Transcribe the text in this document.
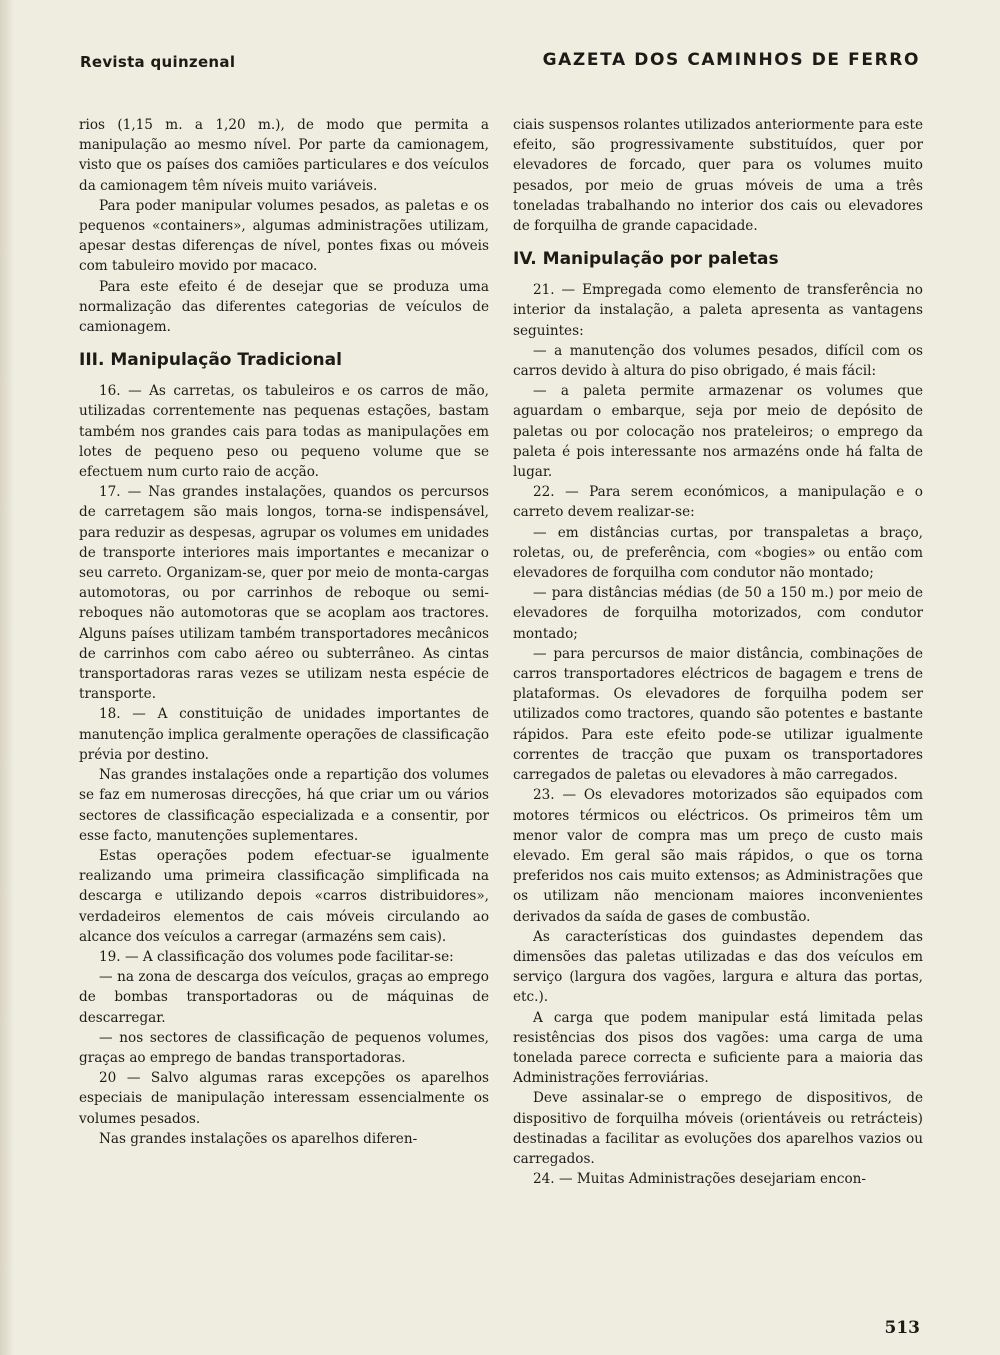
Revista quinzenal	GAZETA DOS CAMINHOS DE FERRO

rios (1,15 m. a 1,20 m.), de modo que permita a manipulação ao mesmo nível. Por parte da camionagem, visto que os países dos camiões particulares e dos veículos da camionagem têm níveis muito variáveis.

Para poder manipular volumes pesados, as paletas e os pequenos «containers», algumas administrações utilizam, apesar destas diferenças de nível, pontes fixas ou móveis com tabuleiro movido por macaco.

Para este efeito é de desejar que se produza uma normalização das diferentes categorias de veículos de camionagem.

III. Manipulação Tradicional

16. — As carretas, os tabuleiros e os carros de mão, utilizadas correntemente nas pequenas estações, bastam também nos grandes cais para todas as manipulações em lotes de pequeno peso ou pequeno volume que se efectuem num curto raio de acção.

17. — Nas grandes instalações, quandos os percursos de carretagem são mais longos, torna-se indispensável, para reduzir as despesas, agrupar os volumes em unidades de transporte interiores mais importantes e mecanizar o seu carreto. Organizam-se, quer por meio de monta-cargas automotoras, ou por carrinhos de reboque ou semi-reboques não automotoras que se acoplam aos tractores. Alguns países utilizam também transportadores mecânicos de carrinhos com cabo aéreo ou subterrâneo. As cintas transportadoras raras vezes se utilizam nesta espécie de transporte.

18. — A constituição de unidades importantes de manutenção implica geralmente operações de classificação prévia por destino.

Nas grandes instalações onde a repartição dos volumes se faz em numerosas direcções, há que criar um ou vários sectores de classificação especializada e a consentir, por esse facto, manutenções suplementares.

Estas operações podem efectuar-se igualmente realizando uma primeira classificação simplificada na descarga e utilizando depois «carros distribuidores», verdadeiros elementos de cais móveis circulando ao alcance dos veículos a carregar (armazéns sem cais).

19. — A classificação dos volumes pode facilitar-se:

— na zona de descarga dos veículos, graças ao emprego de bombas transportadoras ou de máquinas de descarregar.

— nos sectores de classificação de pequenos volumes, graças ao emprego de bandas transportadoras.

20 — Salvo algumas raras excepções os aparelhos especiais de manipulação interessam essencialmente os volumes pesados.

Nas grandes instalações os aparelhos diferen-

ciais suspensos rolantes utilizados anteriormente para este efeito, são progressivamente substituídos, quer por elevadores de forcado, quer para os volumes muito pesados, por meio de gruas móveis de uma a três toneladas trabalhando no interior dos cais ou elevadores de forquilha de grande capacidade.

IV. Manipulação por paletas

21. — Empregada como elemento de transferência no interior da instalação, a paleta apresenta as vantagens seguintes:

— a manutenção dos volumes pesados, difícil com os carros devido à altura do piso obrigado, é mais fácil:

— a paleta permite armazenar os volumes que aguardam o embarque, seja por meio de depósito de paletas ou por colocação nos prateleiros; o emprego da paleta é pois interessante nos armazéns onde há falta de lugar.

22. — Para serem económicos, a manipulação e o carreto devem realizar-se:

— em distâncias curtas, por transpaletas a braço, roletas, ou, de preferência, com «bogies» ou então com elevadores de forquilha com condutor não montado;

— para distâncias médias (de 50 a 150 m.) por meio de elevadores de forquilha motorizados, com condutor montado;

— para percursos de maior distância, combinações de carros transportadores eléctricos de bagagem e trens de plataformas. Os elevadores de forquilha podem ser utilizados como tractores, quando são potentes e bastante rápidos. Para este efeito pode-se utilizar igualmente correntes de tracção que puxam os transportadores carregados de paletas ou elevadores à mão carregados.

23. — Os elevadores motorizados são equipados com motores térmicos ou eléctricos. Os primeiros têm um menor valor de compra mas um preço de custo mais elevado. Em geral são mais rápidos, o que os torna preferidos nos cais muito extensos; as Administrações que os utilizam não mencionam maiores inconvenientes derivados da saída de gases de combustão.

As características dos guindastes dependem das dimensões das paletas utilizadas e das dos veículos em serviço (largura dos vagões, largura e altura das portas, etc.).

A carga que podem manipular está limitada pelas resistências dos pisos dos vagões: uma carga de uma tonelada parece correcta e suficiente para a maioria das Administrações ferroviárias.

Deve assinalar-se o emprego de dispositivos, de dispositivo de forquilha móveis (orientáveis ou retrácteis) destinadas a facilitar as evoluções dos aparelhos vazios ou carregados.

24. — Muitas Administrações desejariam encon-

513
